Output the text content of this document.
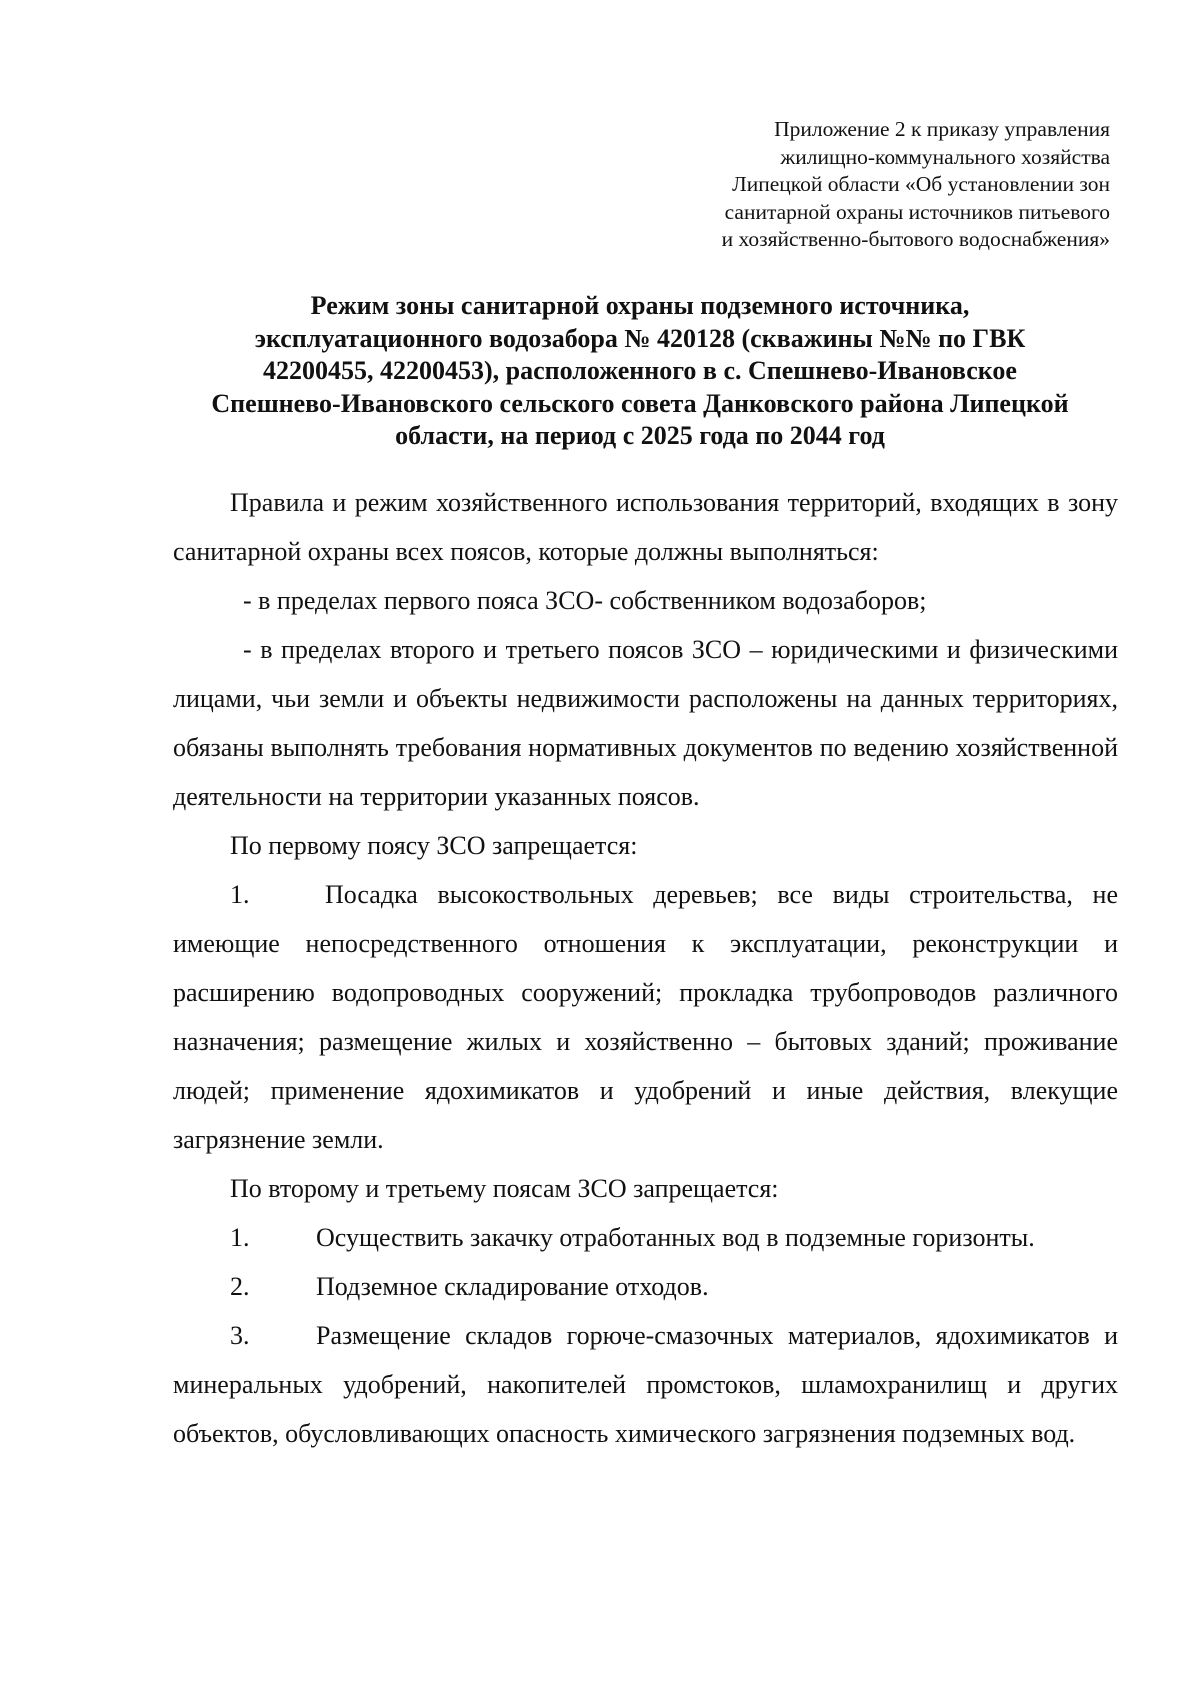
Приложение 2 к приказу управления
жилищно-коммунального хозяйства
Липецкой области «Об установлении зон
санитарной охраны источников питьевого
и хозяйственно-бытового водоснабжения»
Режим зоны санитарной охраны подземного источника,
эксплуатационного водозабора № 420128 (скважины №№ по ГВК
42200455, 42200453), расположенного в с. Спешнево-Ивановское
Спешнево-Ивановского сельского совета Данковского района Липецкой
области, на период с 2025 года по 2044 год

Правила и режим хозяйственного использования территорий, входящих в зону санитарной охраны всех поясов, которые должны выполняться:

- в пределах первого пояса ЗСО- собственником водозаборов;

- в пределах второго и третьего поясов ЗСО – юридическими и физическими лицами, чьи земли и объекты недвижимости расположены на данных территориях, обязаны выполнять требования нормативных документов по ведению хозяйственной деятельности на территории указанных поясов.

По первому поясу ЗСО запрещается:

1.	Посадка высокоствольных деревьев; все виды строительства, не имеющие непосредственного отношения к эксплуатации, реконструкции и расширению водопроводных сооружений; прокладка трубопроводов различного назначения; размещение жилых и хозяйственно – бытовых зданий; проживание людей; применение ядохимикатов и удобрений и иные действия, влекущие загрязнение земли.

По второму и третьему поясам ЗСО запрещается:

1.	Осуществить закачку отработанных вод в подземные горизонты.

2.	Подземное складирование отходов.

3.	Размещение складов горюче-смазочных материалов, ядохимикатов и минеральных удобрений, накопителей промстоков, шламохранилищ и других объектов, обусловливающих опасность химического загрязнения подземных вод.
